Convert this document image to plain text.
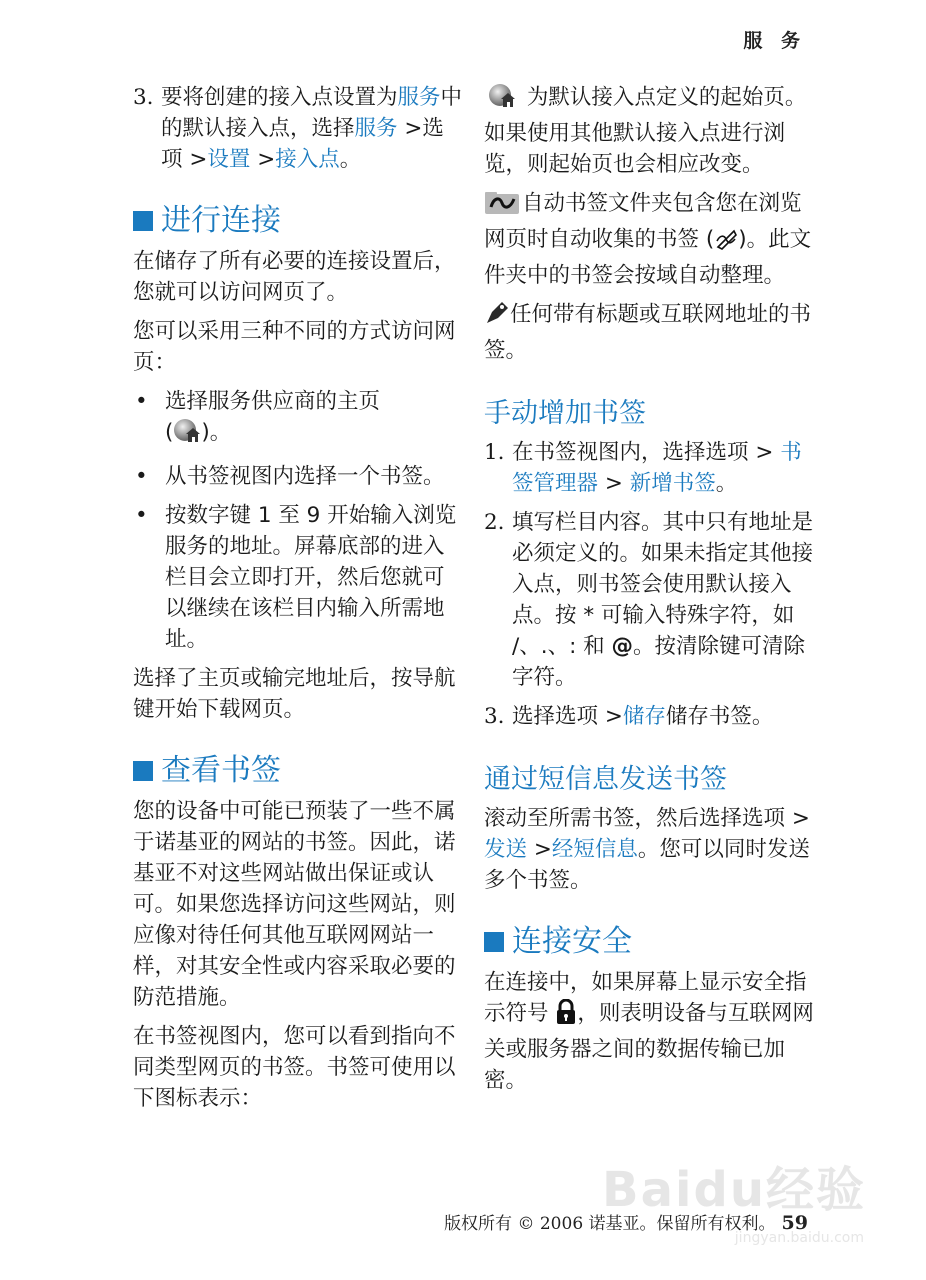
服 务
3. 要将创建的接入点设置为服务中的默认接入点，选择服务 >选项 >设置 >接入点。
进行连接

在储存了所有必要的连接设置后，您就可以访问网页了。

您可以采用三种不同的方式访问网页：

• 选择服务供应商的主页
( )。
• 从书签视图内选择一个书签。
• 按数字键 1 至 9 开始输入浏览服务的地址。屏幕底部的进入栏目会立即打开，然后您就可以继续在该栏目内输入所需地址。

选择了主页或输完地址后，按导航键开始下载网页。

查看书签

您的设备中可能已预装了一些不属于诺基亚的网站的书签。因此，诺基亚不对这些网站做出保证或认可。如果您选择访问这些网站，则应像对待任何其他互联网网站一样，对其安全性或内容采取必要的防范措施。

在书签视图内，您可以看到指向不同类型网页的书签。书签可使用以下图标表示：

为默认接入点定义的起始页。如果使用其他默认接入点进行浏览，则起始页也会相应改变。

自动书签文件夹包含您在浏览网页时自动收集的书签 ( )。此文件夹中的书签会按域自动整理。

任何带有标题或互联网地址的书签。

手动增加书签
1. 在书签视图内，选择选项 > 书签管理器 > 新增书签。
2. 填写栏目内容。其中只有地址是必须定义的。如果未指定其他接入点，则书签会使用默认接入点。按 * 可输入特殊字符，如 /、.、: 和 @。按清除键可清除字符。
3. 选择选项 >储存储存书签。
通过短信息发送书签

滚动至所需书签，然后选择选项 >发送 >经短信息。您可以同时发送多个书签。

连接安全

在连接中，如果屏幕上显示安全指示符号 ，则表明设备与互联网网关或服务器之间的数据传输已加密。

Baidu经验
jingyan.baidu.com
版权所有 © 2006 诺基亚。保留所有权利。 59
